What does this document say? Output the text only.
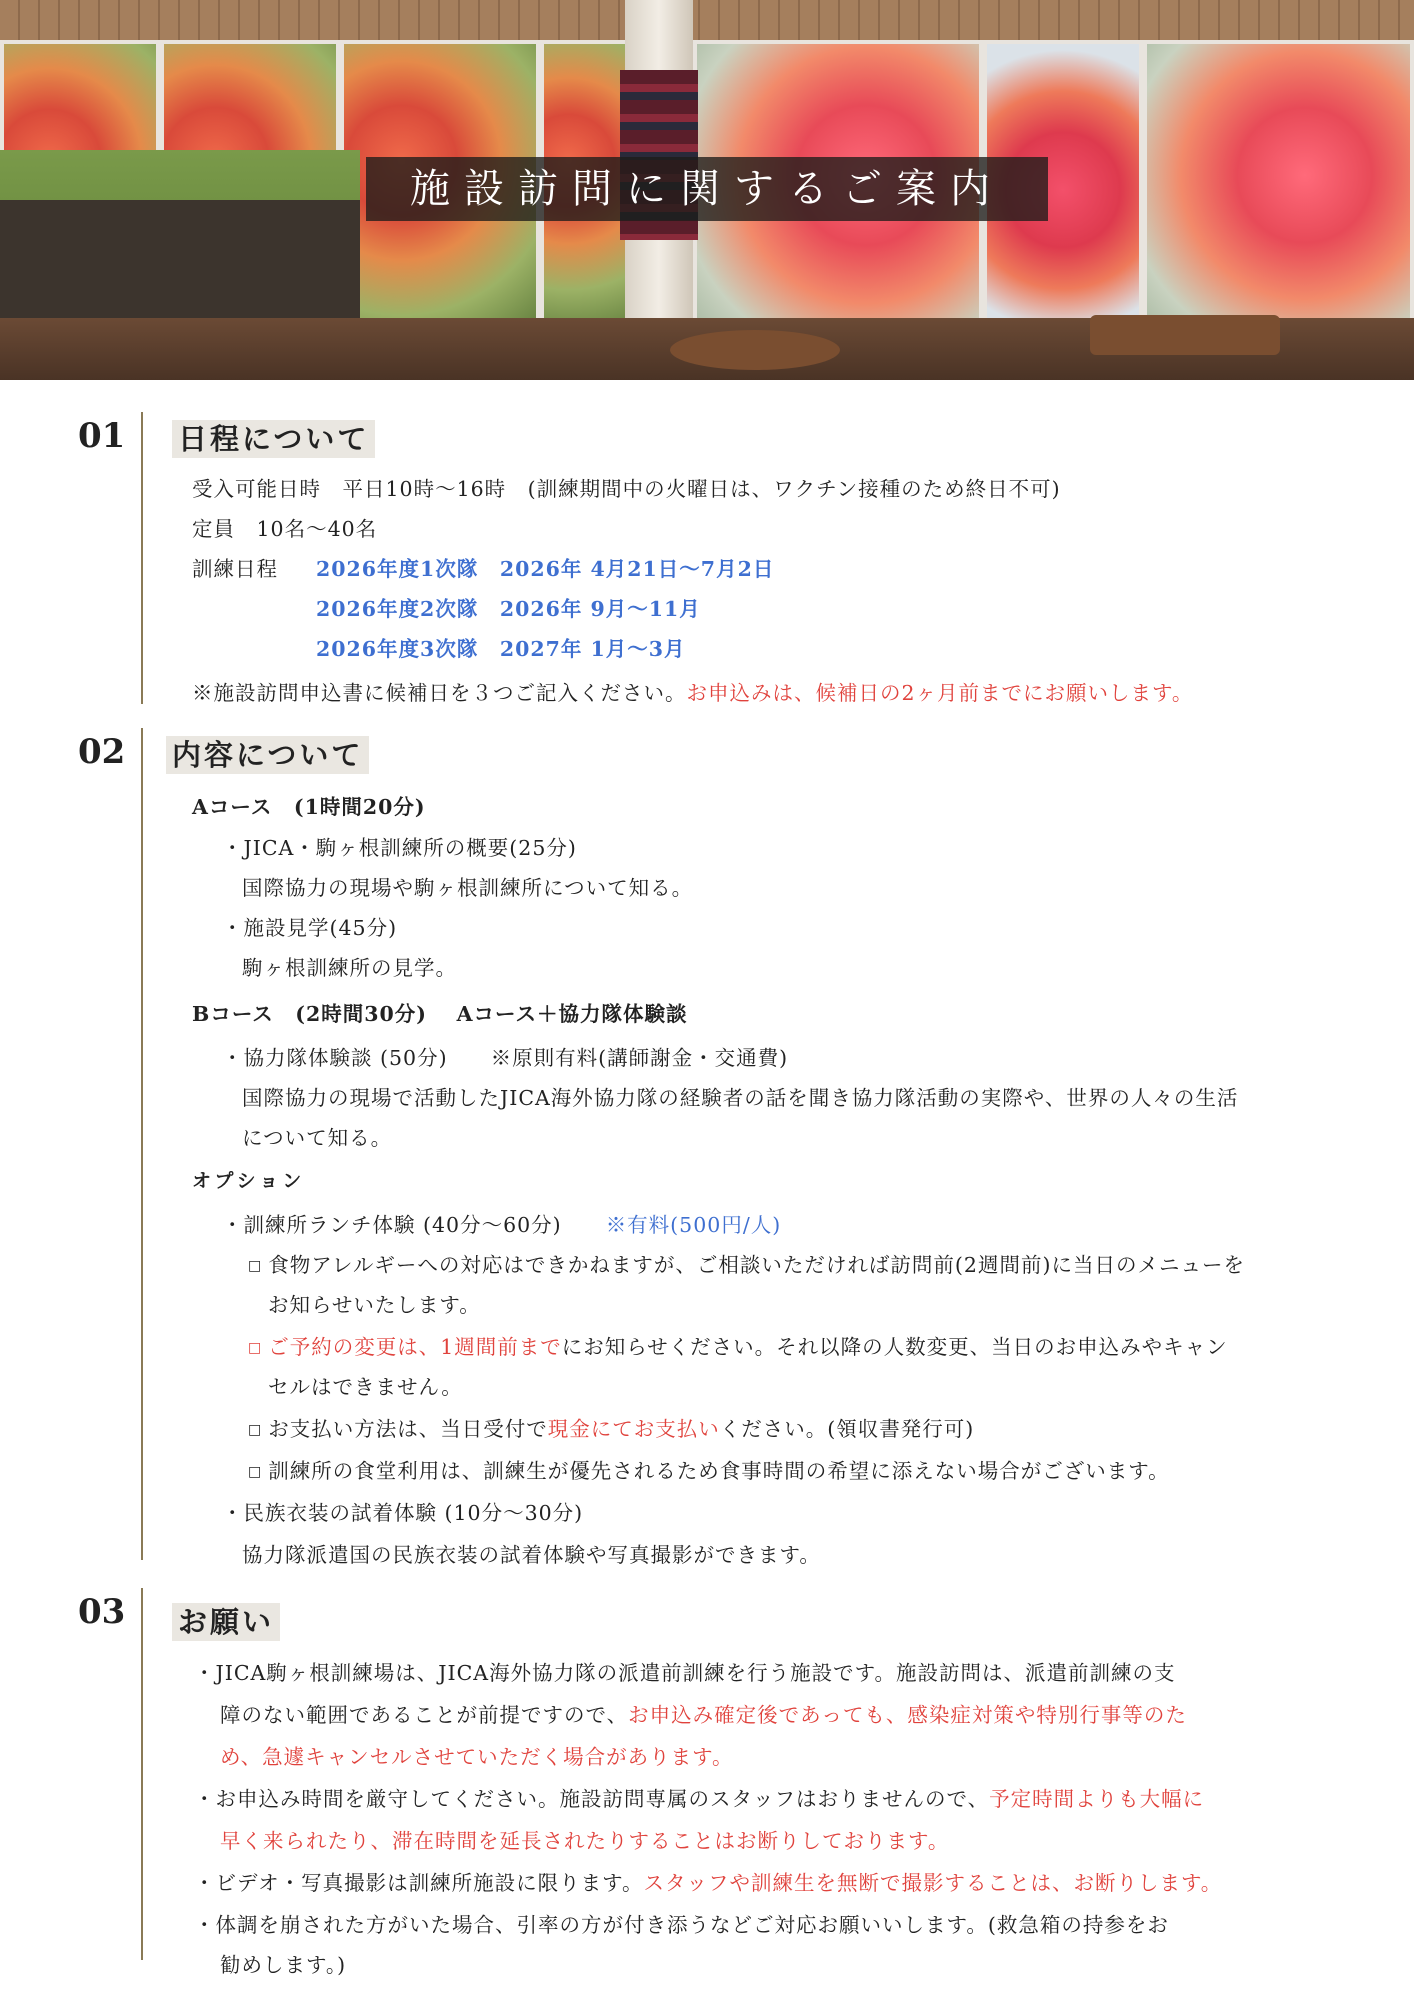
施設訪問に関するご案内
01 日程について
受入可能日時　平日10時～16時　(訓練期間中の火曜日は、ワクチン接種のため終日不可)
定員　10名～40名
訓練日程 2026年度1次隊　2026年 4月21日～7月2日
2026年度2次隊　2026年 9月～11月
2026年度3次隊　2027年 1月～3月
※施設訪問申込書に候補日を３つご記入ください。お申込みは、候補日の2ヶ月前までにお願いします。
02 内容について
Aコース　(1時間20分)
・JICA・駒ヶ根訓練所の概要(25分)
国際協力の現場や駒ヶ根訓練所について知る。
・施設見学(45分)
駒ヶ根訓練所の見学。
Bコース　(2時間30分)　 Aコース＋協力隊体験談
・協力隊体験談 (50分)　　※原則有料(講師謝金・交通費)
国際協力の現場で活動したJICA海外協力隊の経験者の話を聞き協力隊活動の実際や、世界の人々の生活
について知る。
オプション
・訓練所ランチ体験 (40分～60分) ※有料(500円/人)
□ 食物アレルギーへの対応はできかねますが、ご相談いただければ訪問前(2週間前)に当日のメニューを
お知らせいたします。
□ ご予約の変更は、1週間前までにお知らせください。それ以降の人数変更、当日のお申込みやキャン
セルはできません。
□ お支払い方法は、当日受付で現金にてお支払いください。(領収書発行可)
□ 訓練所の食堂利用は、訓練生が優先されるため食事時間の希望に添えない場合がございます。
・民族衣装の試着体験 (10分～30分)
協力隊派遣国の民族衣装の試着体験や写真撮影ができます。
03 お願い
・JICA駒ヶ根訓練場は、JICA海外協力隊の派遣前訓練を行う施設です。施設訪問は、派遣前訓練の支
障のない範囲であることが前提ですので、お申込み確定後であっても、感染症対策や特別行事等のた
め、急遽キャンセルさせていただく場合があります。
・お申込み時間を厳守してください。施設訪問専属のスタッフはおりませんので、予定時間よりも大幅に
早く来られたり、滞在時間を延長されたりすることはお断りしております。
・ビデオ・写真撮影は訓練所施設に限ります。スタッフや訓練生を無断で撮影することは、お断りします。
・体調を崩された方がいた場合、引率の方が付き添うなどご対応お願いいします。(救急箱の持参をお
勧めします。)
